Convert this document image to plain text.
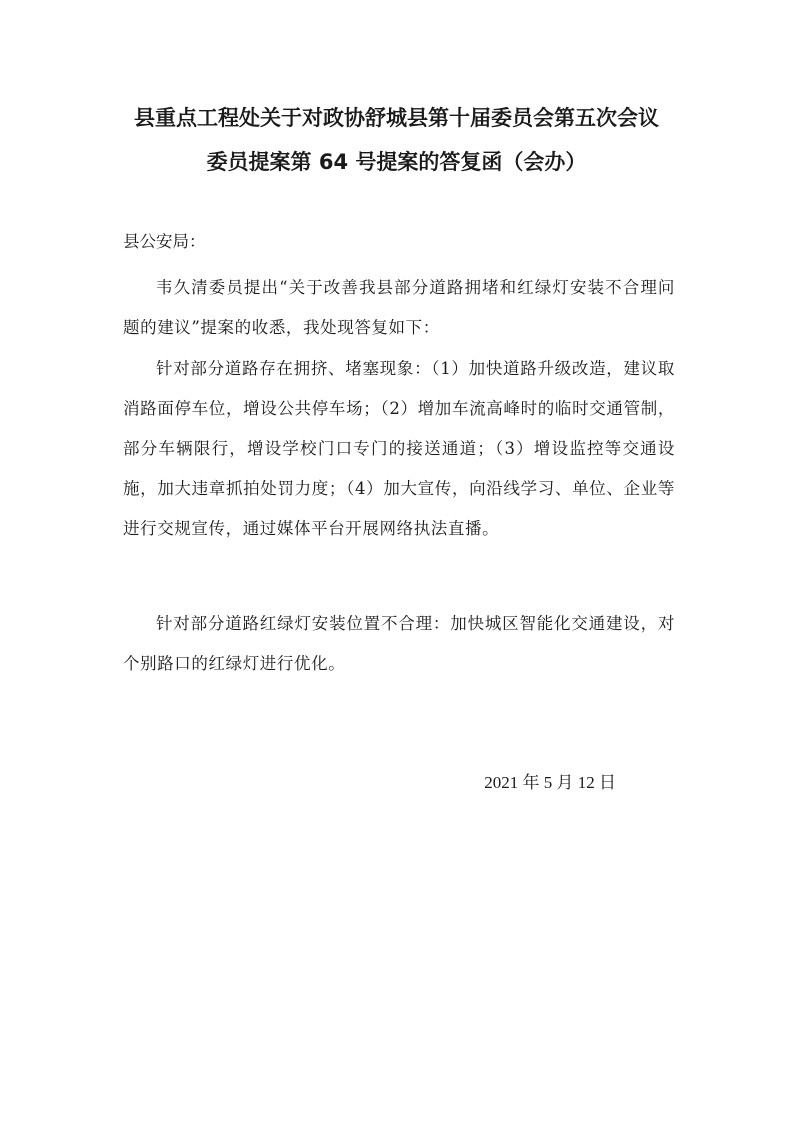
县重点工程处关于对政协舒城县第十届委员会第五次会议
委员提案第 64 号提案的答复函（会办）
县公安局：

韦久清委员提出“关于改善我县部分道路拥堵和红绿灯安装不合理问题的建议”提案的收悉，我处现答复如下：

针对部分道路存在拥挤、堵塞现象：（1）加快道路升级改造，建议取消路面停车位，增设公共停车场；（2）增加车流高峰时的临时交通管制，部分车辆限行，增设学校门口专门的接送通道；（3）增设监控等交通设施，加大违章抓拍处罚力度；（4）加大宣传，向沿线学习、单位、企业等进行交规宣传，通过媒体平台开展网络执法直播。

针对部分道路红绿灯安装位置不合理：加快城区智能化交通建设，对个别路口的红绿灯进行优化。

2021 年 5 月 12 日
